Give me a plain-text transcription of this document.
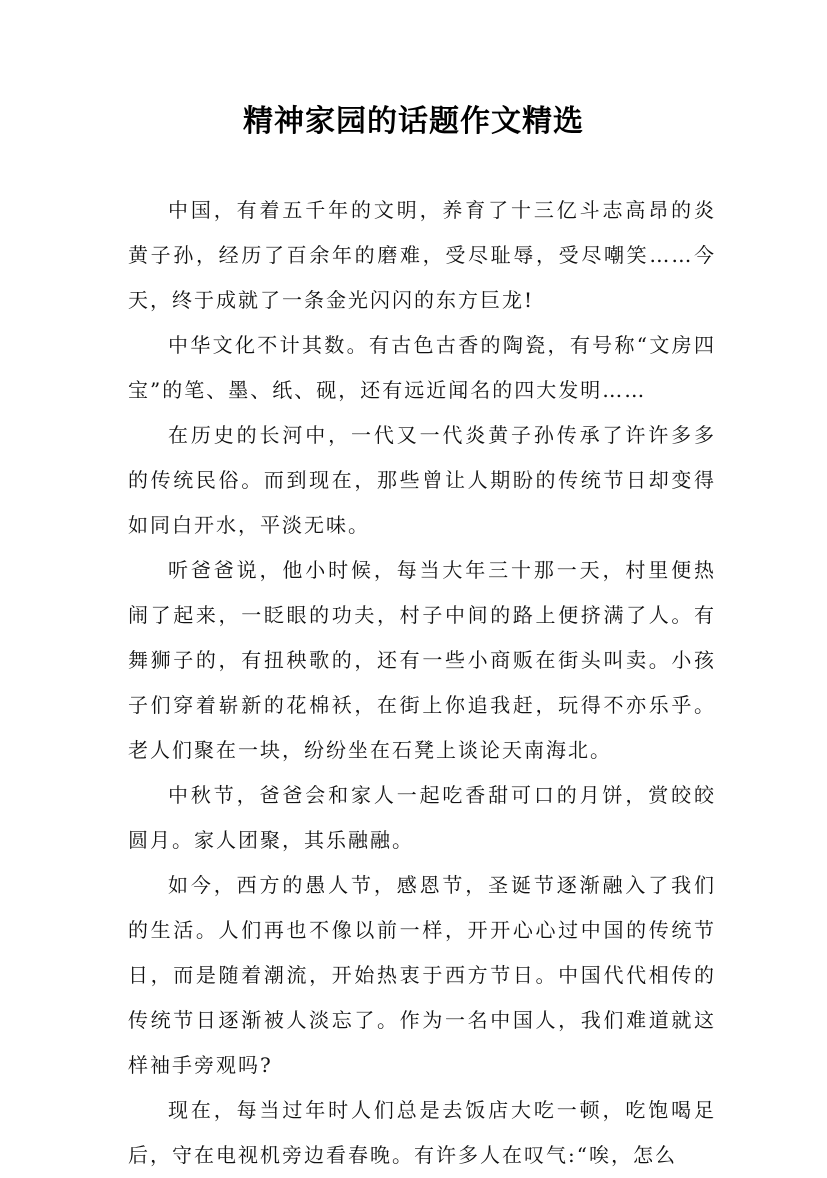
精神家园的话题作文精选

中国，有着五千年的文明，养育了十三亿斗志高昂的炎黄子孙，经历了百余年的磨难，受尽耻辱，受尽嘲笑……今天，终于成就了一条金光闪闪的东方巨龙!

中华文化不计其数。有古色古香的陶瓷，有号称“文房四宝”的笔、墨、纸、砚，还有远近闻名的四大发明……

在历史的长河中，一代又一代炎黄子孙传承了许许多多的传统民俗。而到现在，那些曾让人期盼的传统节日却变得如同白开水，平淡无味。

听爸爸说，他小时候，每当大年三十那一天，村里便热闹了起来，一眨眼的功夫，村子中间的路上便挤满了人。有舞狮子的，有扭秧歌的，还有一些小商贩在街头叫卖。小孩子们穿着崭新的花棉袄，在街上你追我赶，玩得不亦乐乎。老人们聚在一块，纷纷坐在石凳上谈论天南海北。

中秋节，爸爸会和家人一起吃香甜可口的月饼，赏皎皎圆月。家人团聚，其乐融融。

如今，西方的愚人节，感恩节，圣诞节逐渐融入了我们的生活。人们再也不像以前一样，开开心心过中国的传统节日，而是随着潮流，开始热衷于西方节日。中国代代相传的传统节日逐渐被人淡忘了。作为一名中国人，我们难道就这样袖手旁观吗?

现在，每当过年时人们总是去饭店大吃一顿，吃饱喝足后，守在电视机旁边看春晚。有许多人在叹气:“唉，怎么
